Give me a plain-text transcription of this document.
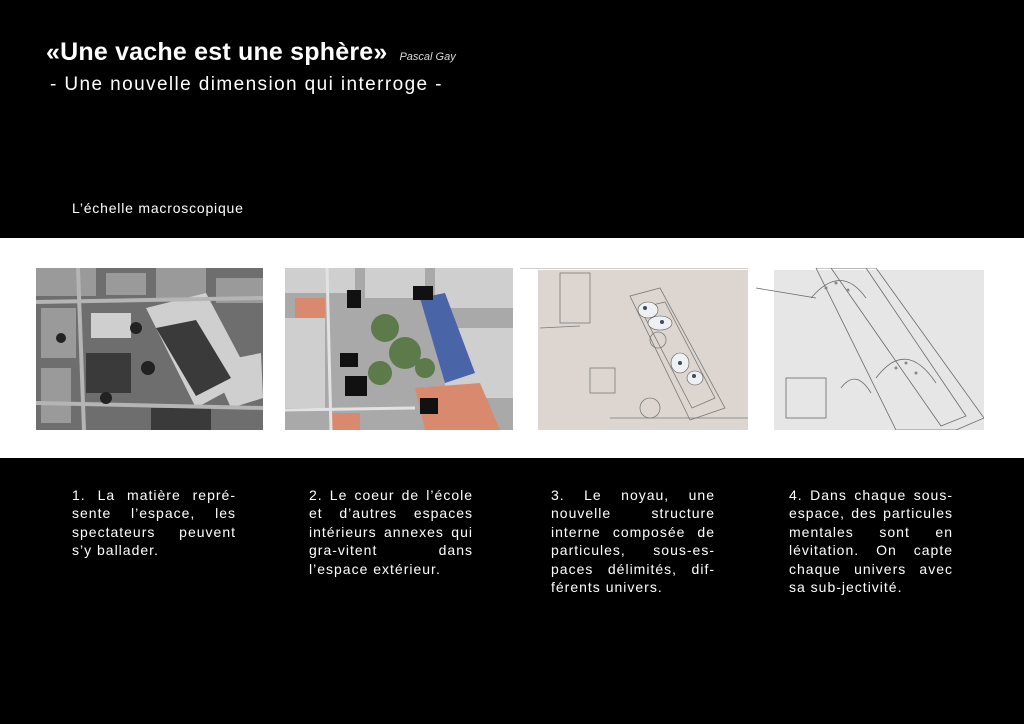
«Une vache est une sphère» Pascal Gay
- Une nouvelle dimension qui interroge -
L’échelle macroscopique
1. La matière repré-sente l’espace, les spectateurs peuvent s’y ballader.
2. Le coeur de l’école et d’autres espaces intérieurs annexes qui gra-vitent dans l’espace extérieur.
3. Le noyau, une nouvelle structure interne composée de particules, sous-es-paces délimités, dif-férents univers.
4. Dans chaque sous-espace, des particules mentales sont en lévitation. On capte chaque univers avec sa sub-jectivité.
